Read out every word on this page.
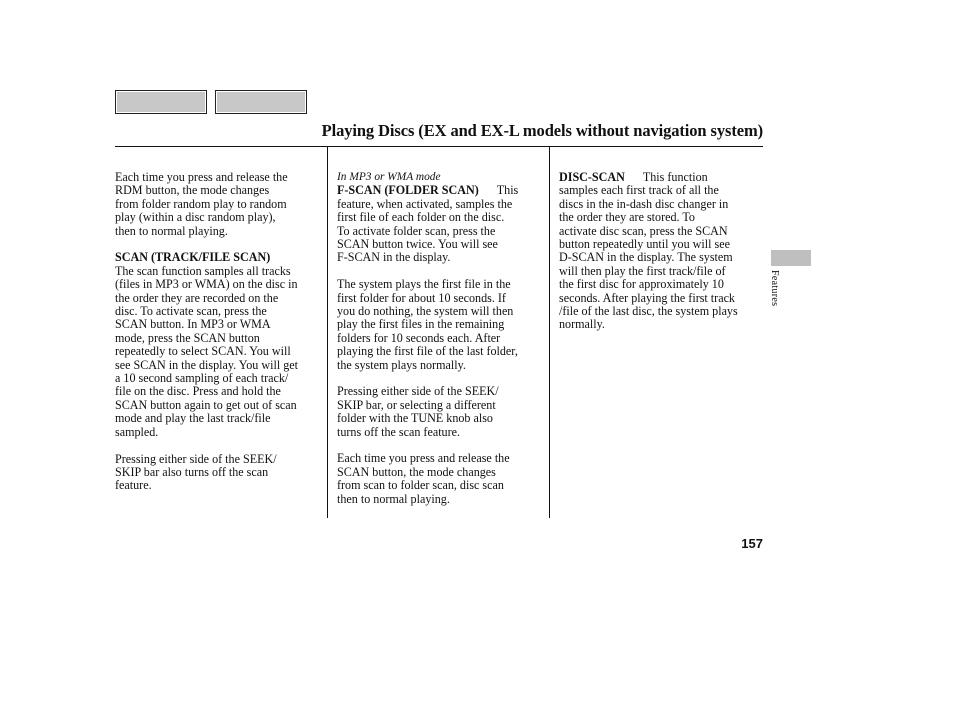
Playing Discs (EX and EX-L models without navigation system)

Each time you press and release the
RDM button, the mode changes
from folder random play to random
play (within a disc random play),
then to normal playing.

SCAN (TRACK/FILE SCAN)

The scan function samples all tracks
(files in MP3 or WMA) on the disc in
the order they are recorded on the
disc. To activate scan, press the
SCAN button. In MP3 or WMA
mode, press the SCAN button
repeatedly to select SCAN. You will
see SCAN in the display. You will get
a 10 second sampling of each track/
file on the disc. Press and hold the
SCAN button again to get out of scan
mode and play the last track/file
sampled.

Pressing either side of the SEEK/
SKIP bar also turns off the scan
feature.

In MP3 or WMA mode

F-SCAN (FOLDER SCAN) This

feature, when activated, samples the
first file of each folder on the disc.
To activate folder scan, press the
SCAN button twice. You will see
F-SCAN in the display.

The system plays the first file in the
first folder for about 10 seconds. If
you do nothing, the system will then
play the first files in the remaining
folders for 10 seconds each. After
playing the first file of the last folder,
the system plays normally.

Pressing either side of the SEEK/
SKIP bar, or selecting a different
folder with the TUNE knob also
turns off the scan feature.

Each time you press and release the
SCAN button, the mode changes
from scan to folder scan, disc scan
then to normal playing.

DISC-SCAN This function

samples each first track of all the
discs in the in-dash disc changer in
the order they are stored. To
activate disc scan, press the SCAN
button repeatedly until you will see
D-SCAN in the display. The system
will then play the first track/file of
the first disc for approximately 10
seconds. After playing the first track
/file of the last disc, the system plays
normally.

Features
157
